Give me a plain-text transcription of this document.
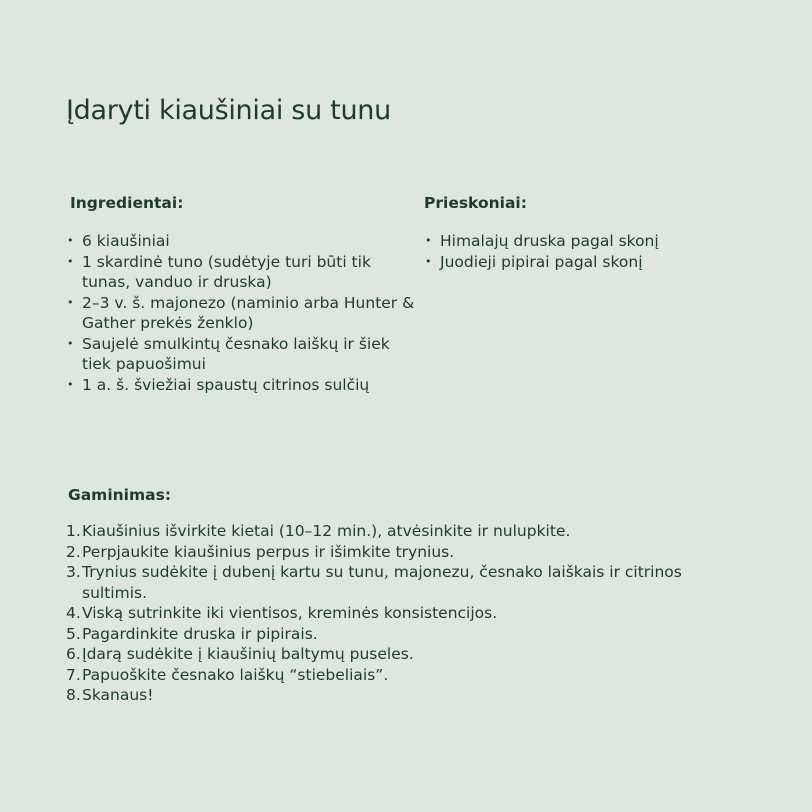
Įdaryti kiaušiniai su tunu
Ingredientai:
• 6 kiaušiniai
• 1 skardinė tuno (sudėtyje turi būti tik tunas, vanduo ir druska)
• 2–3 v. š. majonezo (naminio arba Hunter & Gather prekės ženklo)
• Saujelė smulkintų česnako laiškų ir šiek tiek papuošimui
• 1 a. š. šviežiai spaustų citrinos sulčių
Prieskoniai:
• Himalajų druska pagal skonį
• Juodieji pipirai pagal skonį
Gaminimas:
1. Kiaušinius išvirkite kietai (10–12 min.), atvėsinkite ir nulupkite.
2. Perpjaukite kiaušinius perpus ir išimkite trynius.
3. Trynius sudėkite į dubenį kartu su tunu, majonezu, česnako laiškais ir citrinos sultimis.
4. Viską sutrinkite iki vientisos, kreminės konsistencijos.
5. Pagardinkite druska ir pipirais.
6. Įdarą sudėkite į kiaušinių baltymų puseles.
7. Papuoškite česnako laiškų “stiebeliais”.
8. Skanaus!
